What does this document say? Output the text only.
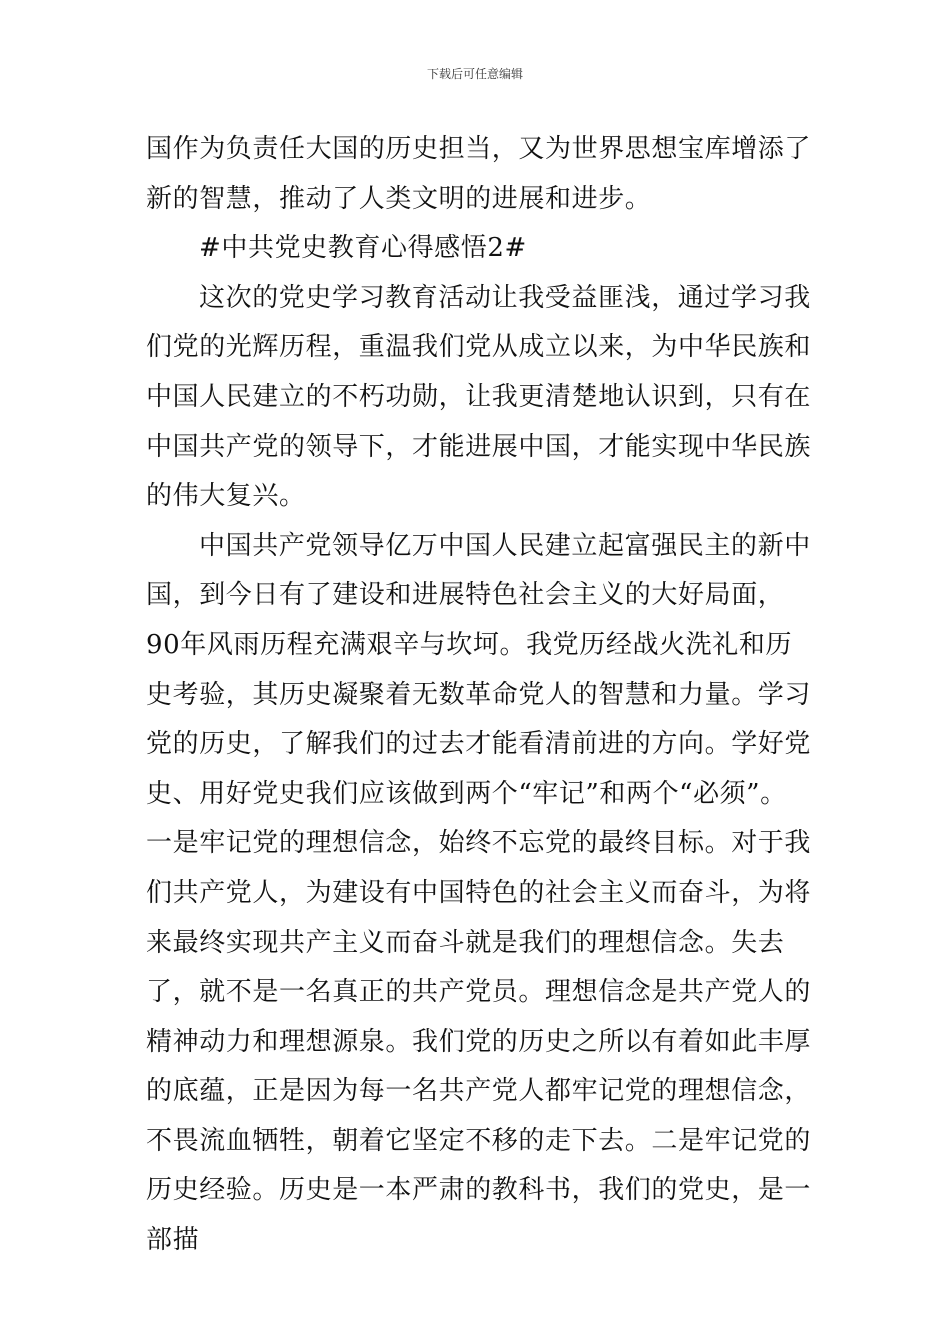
下载后可任意编辑

国作为负责任大国的历史担当，又为世界思想宝库增添了新的智慧，推动了人类文明的进展和进步。

#中共党史教育心得感悟2#

这次的党史学习教育活动让我受益匪浅，通过学习我们党的光辉历程，重温我们党从成立以来，为中华民族和中国人民建立的不朽功勋，让我更清楚地认识到，只有在中国共产党的领导下，才能进展中国，才能实现中华民族的伟大复兴。

中国共产党领导亿万中国人民建立起富强民主的新中国，到今日有了建设和进展特色社会主义的大好局面，90年风雨历程充满艰辛与坎坷。我党历经战火洗礼和历史考验，其历史凝聚着无数革命党人的智慧和力量。学习党的历史，了解我们的过去才能看清前进的方向。学好党史、用好党史我们应该做到两个“牢记”和两个“必须”。一是牢记党的理想信念，始终不忘党的最终目标。对于我们共产党人，为建设有中国特色的社会主义而奋斗，为将来最终实现共产主义而奋斗就是我们的理想信念。失去了，就不是一名真正的共产党员。理想信念是共产党人的精神动力和理想源泉。我们党的历史之所以有着如此丰厚的底蕴，正是因为每一名共产党人都牢记党的理想信念，不畏流血牺牲，朝着它坚定不移的走下去。二是牢记党的历史经验。历史是一本严肃的教科书，我们的党史，是一部描
